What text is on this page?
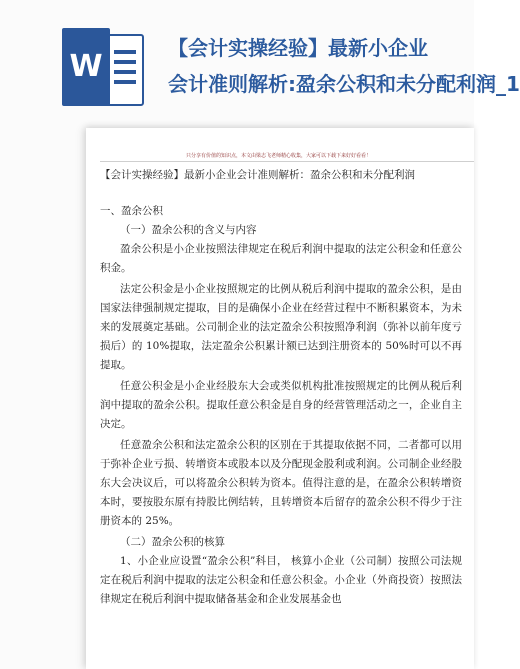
W
【会计实操经验】最新小企业
会计准则解析:盈余公积和未分配利润_1
只分享有价值的知识点，本文由梁志飞老师精心收集，大家可以下载下来好好看看！

【会计实操经验】最新小企业会计准则解析：盈余公积和未分配利润

一、盈余公积

（一）盈余公积的含义与内容

盈余公积是小企业按照法律规定在税后利润中提取的法定公积金和任意公积金。

法定公积金是小企业按照规定的比例从税后利润中提取的盈余公积，是由国家法律强制规定提取，目的是确保小企业在经营过程中不断积累资本，为未来的发展奠定基础。公司制企业的法定盈余公积按照净利润（弥补以前年度亏损后）的 10%提取，法定盈余公积累计额已达到注册资本的 50%时可以不再提取。

任意公积金是小企业经股东大会或类似机构批准按照规定的比例从税后利润中提取的盈余公积。提取任意公积金是自身的经营管理活动之一，企业自主决定。

任意盈余公积和法定盈余公积的区别在于其提取依据不同，二者都可以用于弥补企业亏损、转增资本或股本以及分配现金股利或利润。公司制企业经股东大会决议后，可以将盈余公积转为资本。值得注意的是，在盈余公积转增资本时，要按股东原有持股比例结转，且转增资本后留存的盈余公积不得少于注册资本的 25%。

（二）盈余公积的核算

1、小企业应设置“盈余公积”科目， 核算小企业（公司制）按照公司法规定在税后利润中提取的法定公积金和任意公积金。小企业（外商投资）按照法律规定在税后利润中提取储备基金和企业发展基金也
